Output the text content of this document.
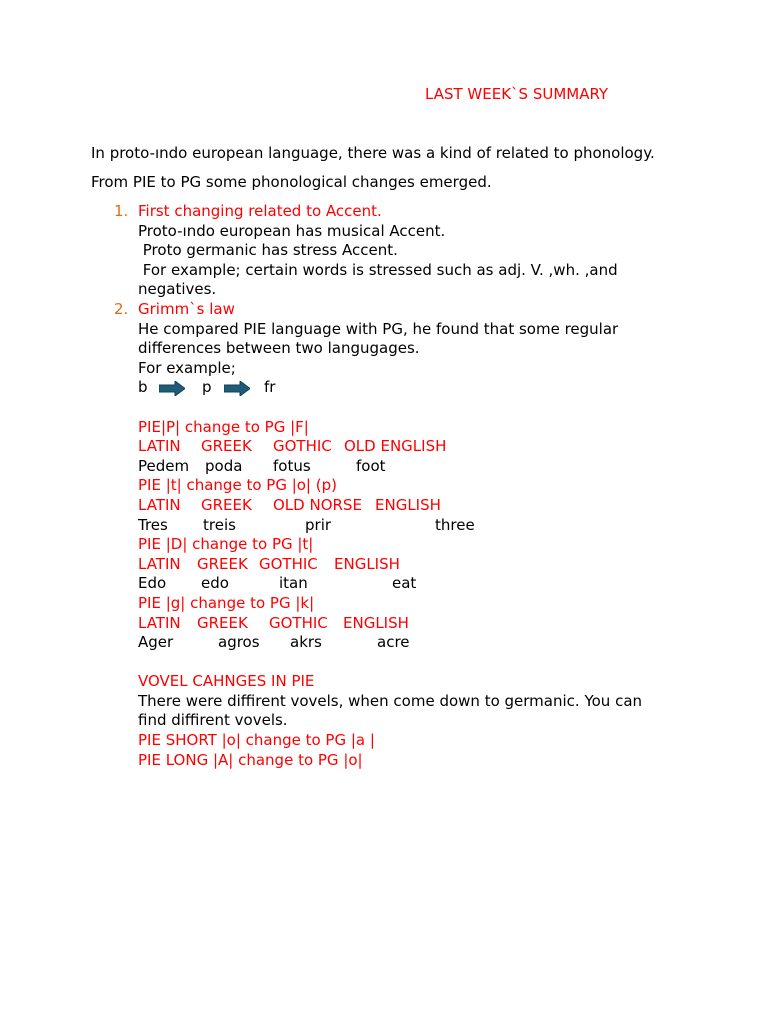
LAST WEEK`S SUMMARY
In proto-ındo european language, there was a kind of related to phonology.
From PIE to PG some phonological changes emerged.
1. First changing related to Accent.
Proto-ındo european has musical Accent.
Proto germanic has stress Accent.
For example; certain words is stressed such as adj. V. ,wh. ,and negatives.
2. Grimm`s law
He compared PIE language with PG, he found that some regular differences between two langugages.
For example;
b	p	fr
PIE|P| change to PG |F|
LATIN GREEK GOTHIC OLD ENGLISH
Pedem poda fotus	foot
PIE |t| change to PG |o| (p)
LATIN GREEK OLD NORSE ENGLISH
Tres treis	prir	three
PIE |D| change to PG |t|
LATIN GREEK GOTHIC ENGLISH
Edo edo	itan	eat
PIE |g| change to PG |k|
LATIN GREEK GOTHIC ENGLISH
Ager	agros akrs	acre
VOVEL CAHNGES IN PIE
There were diffirent vovels, when come down to germanic. You can find diffirent vovels.
PIE SHORT |o| change to PG |a |
PIE LONG |A| change to PG |o|
